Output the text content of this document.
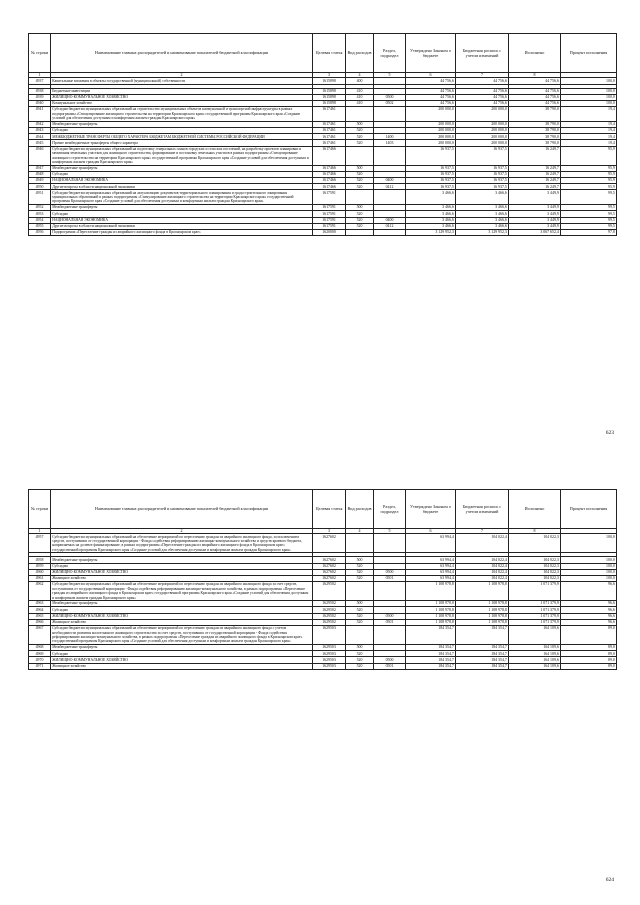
№ строки	Наименование главных распорядителей и наименование показателей бюджетной классификации	Целевая статья	Вид расходов	Раздел, подраздел	Утверждено Законом о бюджете	Бюджетная роспись с учетом изменений	Исполнено	Процент исполнения
1	2	3	4	5	6	7	8	
4937	Капитальные вложения в объекты государственной (муниципальной) собственности	1615898	400		44 756,6	44 756,6	44 756,6	100,0

4938	Бюджетные инвестиции	1615898	410		44 756,6	44 756,6	44 756,6	100,0
4939	ЖИЛИЩНО-КОММУНАЛЬНОЕ ХОЗЯЙСТВО	1615898	410	0500	44 756,6	44 756,6	44 756,6	100,0
4940	Коммунальное хозяйство	1615898	410	0502	44 756,6	44 756,6	44 756,6	100,0
4941	Субсидии бюджетам муниципальных образований на строительство муниципальных объектов коммунальной и транспортной инфраструктуры в рамках подпрограммы «Стимулирование жилищного строительства на территории Красноярского края» государственной программы Красноярского края «Создание условий для обеспечения доступным и комфортным жильем граждан Красноярского края»	1617461			200 000,0	200 000,0	38 790,0	19,4
4942	Межбюджетные трансферты	1617461	500		200 000,0	200 000,0	38 790,0	19,4
4943	Субсидии	1617461	520		200 000,0	200 000,0	38 790,0	19,4
4944	МЕЖБЮДЖЕТНЫЕ ТРАНСФЕРТЫ ОБЩЕГО ХАРАКТЕРА БЮДЖЕТАМ БЮДЖЕТНОЙ СИСТЕМЫ РОССИЙСКОЙ ФЕДЕРАЦИИ	1617461	520	1400	200 000,0	200 000,0	38 790,0	19,4
4945	Прочие межбюджетные трансферты общего характера	1617461	520	1403	200 000,0	200 000,0	38 790,0	19,4
4946	Субсидии бюджетам муниципальных образований на подготовку генеральных планов городских и сельских поселений, на разработку проектов планировки и межевания земельных участков для жилищного строительства, формирование и постановку земельных участков в рамках подпрограммы «Стимулирование жилищного строительства на территории Красноярского края» государственной программы Красноярского края «Создание условий для обеспечения доступным и комфортным жильем граждан Красноярского края»	1617466			16 937,5	16 937,5	16 249,7	95,9
4947	Межбюджетные трансферты	1617466	500		16 937,5	16 937,5	16 249,7	95,9
4948	Субсидии	1617466	520		16 937,5	16 937,5	16 249,7	95,9
4949	НАЦИОНАЛЬНАЯ ЭКОНОМИКА	1617466	520	0400	16 937,5	16 937,5	16 249,7	95,9
4950	Другие вопросы в области национальной экономики	1617466	520	0412	16 937,5	16 937,5	16 249,7	95,9
4951	Субсидии бюджетам муниципальных образований на актуализацию документов территориального планирования и градостроительного зонирования муниципальных образований в рамках подпрограммы «Стимулирование жилищного строительства на территории Красноярского края» государственной программы Красноярского края «Создание условий для обеспечения доступным и комфортным жильем граждан Красноярского края»	1617591			3 466,6	3 466,6	3 449,9	99,5
4952	Межбюджетные трансферты	1617591	500		3 466,6	3 466,6	3 449,9	99,5
4953	Субсидии	1617591	520		3 466,6	3 466,6	3 449,9	99,5
4954	НАЦИОНАЛЬНАЯ ЭКОНОМИКА	1617591	520	0400	3 466,6	3 466,6	3 449,9	99,5
4955	Другие вопросы в области национальной экономики	1617591	520	0412	3 466,6	3 466,6	3 449,9	99,5
4956	Подпрограмма «Переселение граждан из аварийного жилищного фонда в Красноярском крае»	1620000			3 129 952,3	3 129 952,3	3 067 652,4	97,8
623
№ строки	Наименование главных распорядителей и наименование показателей бюджетной классификации	Целевая статья	Вид расходов	Раздел, подраздел	Утверждено Законом о бюджете	Бюджетная роспись с учетом изменений	Исполнено	Процент исполнения
1	2	3	4	5	6	7	8	
4957	Субсидии бюджетам муниципальных образований на обеспечение мероприятий по переселению граждан из аварийного жилищного фонда, за исключением средств, поступивших от государственной корпорации - Фонда содействия реформированию жилищно-коммунального хозяйства и средств краевого бюджета, направляемых на долевое финансирование, в рамках подпрограммы «Переселение граждан из аварийного жилищного фонда в Красноярском крае» государственной программы Красноярского края «Создание условий для обеспечения доступным и комфортным жильем граждан Красноярского края»	1627602			63 994,4	104 022,4	104 022,3	100,0

4958	Межбюджетные трансферты	1627602	500		63 994,4	104 022,4	104 022,3	100,0
4959	Субсидии	1627602	520		63 994,4	104 022,4	104 022,3	100,0
4960	ЖИЛИЩНО-КОММУНАЛЬНОЕ ХОЗЯЙСТВО	1627602	520	0500	63 994,4	104 022,4	104 022,3	100,0
4961	Жилищное хозяйство	1627602	520	0501	63 994,4	104 022,4	104 022,3	100,0
4962	Субсидии бюджетам муниципальных образований на обеспечение мероприятий по переселению граждан из аварийного жилищного фонда за счет средств, поступивших от государственной корпорации - Фонда содействия реформированию жилищно-коммунального хозяйства, в рамках подпрограммы «Переселение граждан из аварийного жилищного фонда в Красноярском крае» государственной программы Красноярского края «Создание условий для обеспечения доступным и комфортным жильем граждан Красноярского края»	1629502			1 108 978,8	1 108 978,8	1 071 379,9	96,6
4963	Межбюджетные трансферты	1629502	500		1 108 978,8	1 108 978,8	1 071 379,9	96,6
4964	Субсидии	1629502	520		1 108 978,8	1 108 978,8	1 071 379,9	96,6
4965	ЖИЛИЩНО-КОММУНАЛЬНОЕ ХОЗЯЙСТВО	1629502	520	0500	1 108 978,8	1 108 978,8	1 071 379,9	96,6
4966	Жилищное хозяйство	1629502	520	0501	1 108 978,8	1 108 978,8	1 071 379,9	96,6
4967	Субсидии бюджетам муниципальных образований на обеспечение мероприятий по переселению граждан из аварийного жилищного фонда с учетом необходимости развития малоэтажного жилищного строительства за счет средств, поступивших от государственной корпорации - Фонда содействия реформированию жилищно-коммунального хозяйства, в рамках подпрограммы «Переселение граждан из аварийного жилищного фонда в Красноярском крае» государственной программы Красноярского края «Создание условий для обеспечения доступным и комфортным жильем граждан Красноярского края»	1629503			184 354,7	184 354,7	164 109,6	89,0
4968	Межбюджетные трансферты	1629503	500		184 354,7	184 354,7	164 109,6	89,0
4969	Субсидии	1629503	520		184 354,7	184 354,7	164 109,6	89,0
4970	ЖИЛИЩНО-КОММУНАЛЬНОЕ ХОЗЯЙСТВО	1629503	520	0500	184 354,7	184 354,7	164 109,6	89,0
4971	Жилищное хозяйство	1629503	520	0501	184 354,7	184 354,7	164 109,6	89,0
624
